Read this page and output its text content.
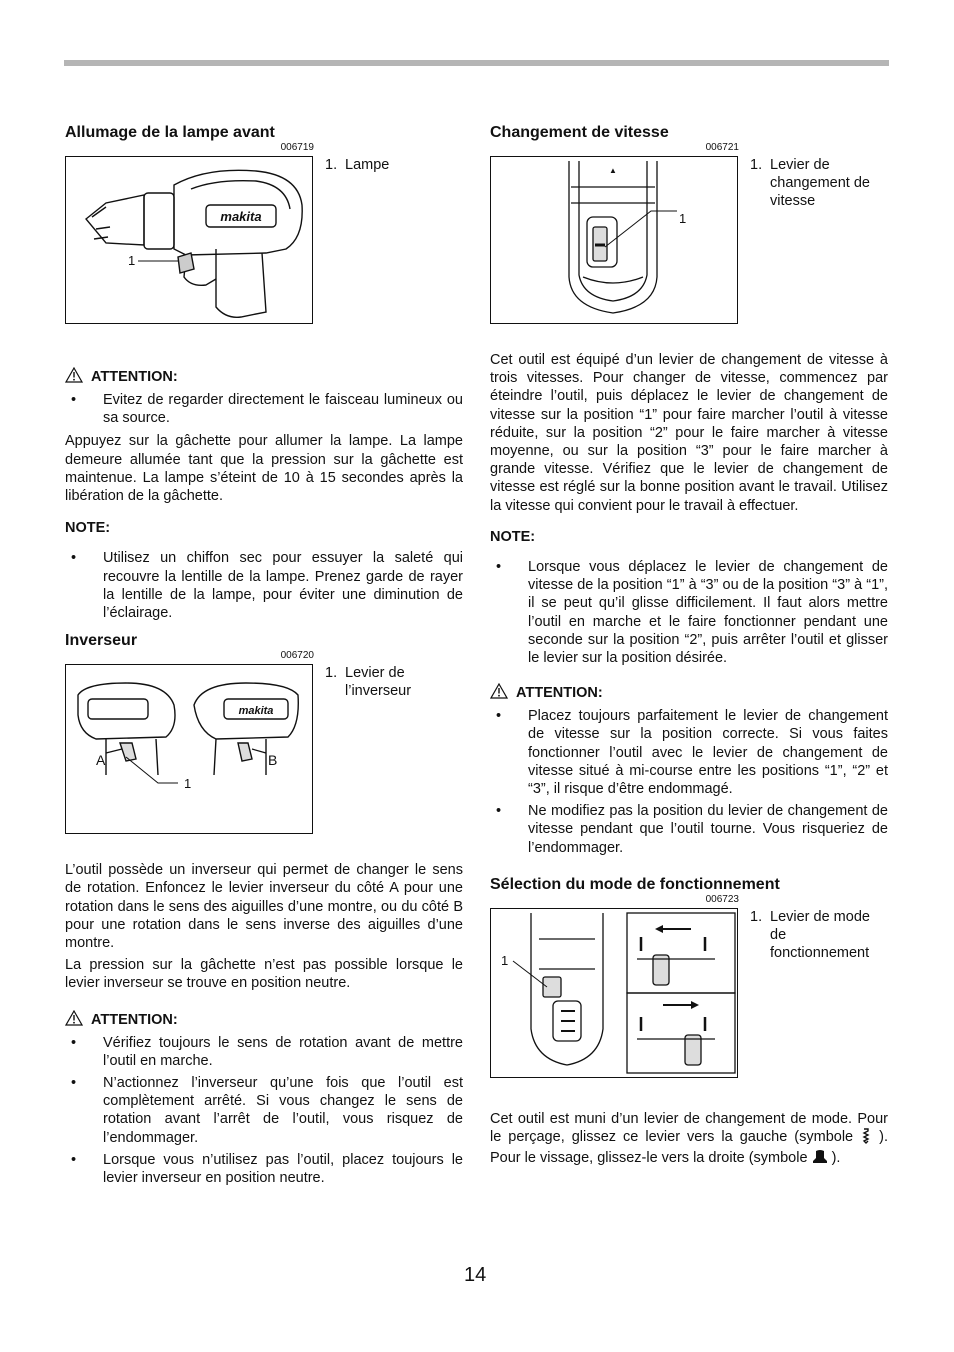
Allumage de la lampe avant
006719
makita
1
1. Lampe
ATTENTION:
• Evitez de regarder directement le faisceau lumineux ou sa source.

Appuyez sur la gâchette pour allumer la lampe. La lampe demeure allumée tant que la pression sur la gâchette est maintenue. La lampe s’éteint de 10 à 15 secondes après la libération de la gâchette.

NOTE:

• Utilisez un chiffon sec pour essuyer la saleté qui recouvre la lentille de la lampe. Prenez garde de rayer la lentille de la lampe, pour éviter une diminution de l’éclairage.
Inverseur
006720
makita
A	B
1
1. Levier de l’inverseur

L’outil possède un inverseur qui permet de changer le sens de rotation. Enfoncez le levier inverseur du côté A pour une rotation dans le sens des aiguilles d’une montre, ou du côté B pour une rotation dans le sens inverse des aiguilles d’une montre.

La pression sur la gâchette n’est pas possible lorsque le levier inverseur se trouve en position neutre.

ATTENTION:
• Vérifiez toujours le sens de rotation avant de mettre l’outil en marche.
• N’actionnez l’inverseur qu’une fois que l’outil est complètement arrêté. Si vous changez le sens de rotation avant l’arrêt de l’outil, vous risquez de l’endommager.
• Lorsque vous n’utilisez pas l’outil, placez toujours le levier inverseur en position neutre.
Changement de vitesse
006721
▲
1
1. Levier de changement de vitesse

Cet outil est équipé d’un levier de changement de vitesse à trois vitesses. Pour changer de vitesse, commencez par éteindre l’outil, puis déplacez le levier de changement de vitesse sur la position “1” pour faire marcher l’outil à vitesse réduite, sur la position “2” pour le faire marcher à vitesse moyenne, ou sur la position “3” pour le faire marcher à grande vitesse. Vérifiez que le levier de changement de vitesse est réglé sur la bonne position avant le travail. Utilisez la vitesse qui convient pour le travail à effectuer.

NOTE:

• Lorsque vous déplacez le levier de changement de vitesse de la position “1” à “3” ou de la position “3” à “1”, il se peut qu’il glisse difficilement. Il faut alors mettre l’outil en marche et le faire fonctionner pendant une seconde sur la position “2”, puis arrêter l’outil et glisser le levier sur la position désirée.
ATTENTION:
• Placez toujours parfaitement le levier de changement de vitesse sur la position correcte. Si vous faites fonctionner l’outil avec le levier de changement de vitesse situé à mi-course entre les positions “1”, “2” et “3”, il risque d’être endommagé.
• Ne modifiez pas la position du levier de changement de vitesse pendant que l’outil tourne. Vous risqueriez de l’endommager.
Sélection du mode de fonctionnement
006723
1
1. Levier de mode de fonctionnement

Cet outil est muni d’un levier de changement de mode. Pour le perçage, glissez ce levier vers la gauche (symbole ). Pour le vissage, glissez-le vers la droite (symbole ).

14
